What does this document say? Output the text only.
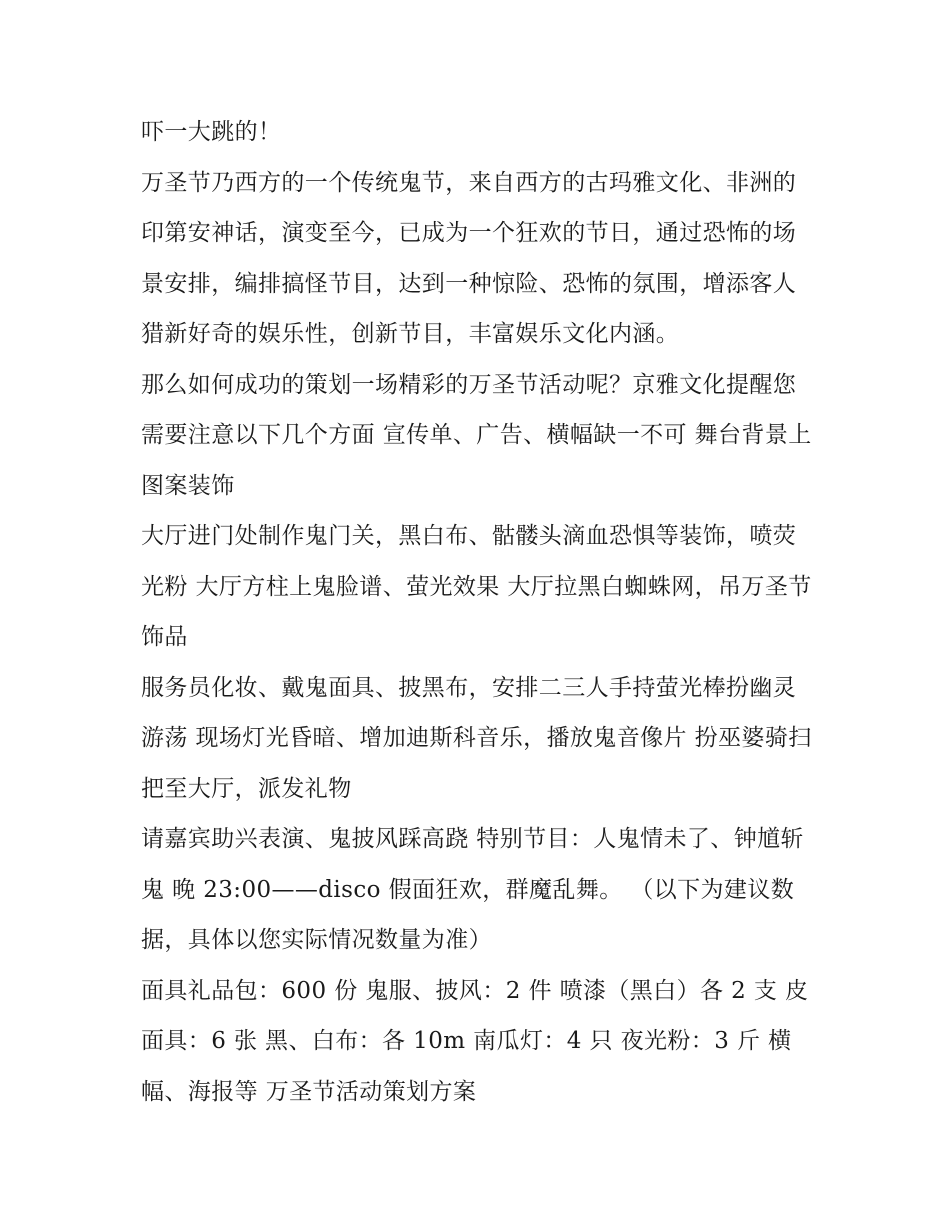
吓一大跳的！

万圣节乃西方的一个传统鬼节，来自西方的古玛雅文化、非洲的印第安神话，演变至今，已成为一个狂欢的节日，通过恐怖的场景安排，编排搞怪节目，达到一种惊险、恐怖的氛围，增添客人猎新好奇的娱乐性，创新节目，丰富娱乐文化内涵。

那么如何成功的策划一场精彩的万圣节活动呢？京雅文化提醒您需要注意以下几个方面 宣传单、广告、横幅缺一不可 舞台背景上图案装饰

大厅进门处制作鬼门关，黑白布、骷髅头滴血恐惧等装饰，喷荧光粉 大厅方柱上鬼脸谱、萤光效果 大厅拉黑白蜘蛛网，吊万圣节饰品

服务员化妆、戴鬼面具、披黑布，安排二三人手持萤光棒扮幽灵游荡 现场灯光昏暗、增加迪斯科音乐，播放鬼音像片 扮巫婆骑扫把至大厅，派发礼物

请嘉宾助兴表演、鬼披风踩高跷 特别节目：人鬼情未了、钟馗斩鬼 晚 23:00——disco 假面狂欢，群魔乱舞。 （以下为建议数据，具体以您实际情况数量为准）

面具礼品包：600 份 鬼服、披风：2 件 喷漆（黑白）各 2 支 皮面具：6 张 黑、白布：各 10m 南瓜灯：4 只 夜光粉：3 斤 横幅、海报等 万圣节活动策划方案
